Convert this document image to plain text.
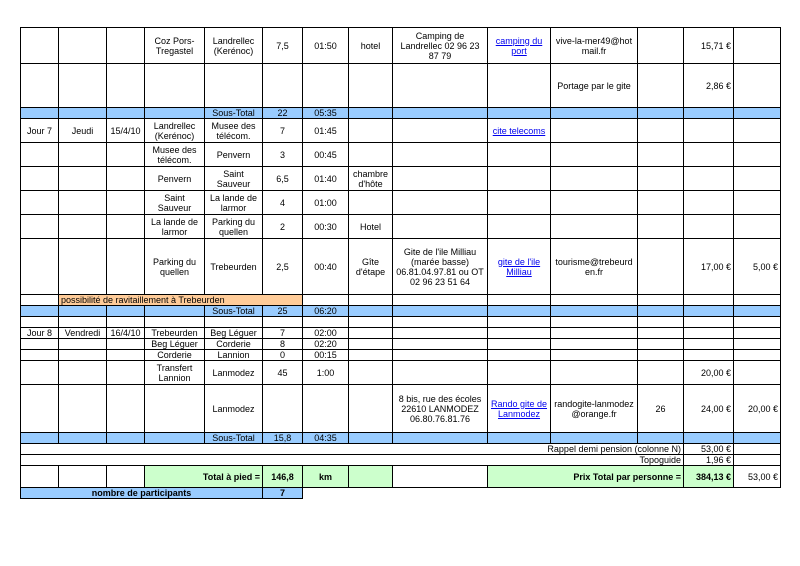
			Coz Pors-Tregastel	Landrellec (Kerénoc)	7,5	01:50	hotel	Camping de Landrellec 02 96 23 87 79	camping du port	vive-la-mer49@hotmail.fr		15,71 €	
										Portage par le gite		2,86 €	
				Sous-Total	22	05:35							
Jour 7	Jeudi	15/4/10	Landrellec (Kerénoc)	Musee des télécom.	7	01:45			cite telecoms				
			Musee des télécom.	Penvern	3	00:45							
			Penvern	Saint Sauveur	6,5	01:40	chambre d'hôte						
			Saint Sauveur	La lande de larmor	4	01:00							
			La lande de larmor	Parking du quellen	2	00:30	Hotel						
			Parking du quellen	Trebeurden	2,5	00:40	Gîte d'étape	Gite de l'ile Milliau (marée basse) 06.81.04.97.81 ou OT 02 96 23 51 64	gite de l'ile Milliau	tourisme@trebeurden.fr		17,00 €	5,00 €
	possibilité de ravitaillement à Trebeurden												
				Sous-Total	25	06:20							

Jour 8	Vendredi	16/4/10	Trebeurden	Beg Léguer	7	02:00							
			Beg Léguer	Corderie	8	02:20							
			Corderie	Lannion	0	00:15							
			Transfert Lannion	Lanmodez	45	1:00						20,00 €	
				Lanmodez				8 bis, rue des écoles 22610 LANMODEZ 06.80.76.81.76	Rando gite de Lanmodez	randogite-lanmodez@orange.fr	26	24,00 €	20,00 €
				Sous-Total	15,8	04:35							
Rappel demi pension (colonne N)												53,00 €	
Topoguide												1,96 €	
			Total à pied =		146,8	km			Prix Total par personne =			384,13 €	53,00 €
nombre de participants					7								
